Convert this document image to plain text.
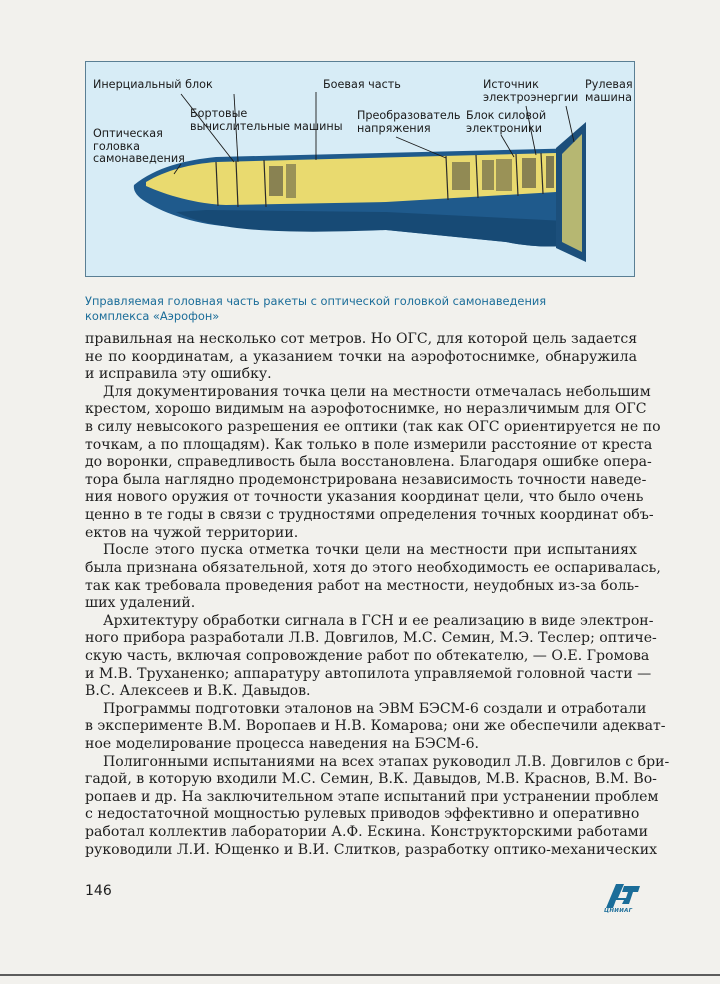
Инерциальный блок	Боевая часть	Источник
электроэнергии
Рулевая
машина
Бортовые
вычислительные машины
Преобразователь
напряжения
Блок силовой
электроники
Оптическая
головка
самонаведения
Управляемая головная часть ракеты с оптической головкой самонаведения
комплекса «Аэрофон»
правильная на несколько сот метров. Но ОГС, для которой цель задается
не по координатам, а указанием точки на аэрофотоснимке, обнаружила
и исправила эту ошибку.
Для документирования точка цели на местности отмечалась небольшим
крестом, хорошо видимым на аэрофотоснимке, но неразличимым для ОГС
в силу невысокого разрешения ее оптики (так как ОГС ориентируется не по
точкам, а по площадям). Как только в поле измерили расстояние от креста
до воронки, справедливость была восстановлена. Благодаря ошибке опера-
тора была наглядно продемонстрирована независимость точности наведе-
ния нового оружия от точности указания координат цели, что было очень
ценно в те годы в связи с трудностями определения точных координат объ-
ектов на чужой территории.
После этого пуска отметка точки цели на местности при испытаниях
была признана обязательной, хотя до этого необходимость ее оспаривалась,
так как требовала проведения работ на местности, неудобных из-за боль-
ших удалений.
Архитектуру обработки сигнала в ГСН и ее реализацию в виде электрон-
ного прибора разработали Л.В. Довгилов, М.С. Семин, М.Э. Теслер; оптиче-
скую часть, включая сопровождение работ по обтекателю, — О.Е. Громова
и М.В. Труханенко; аппаратуру автопилота управляемой головной части —
В.С. Алексеев и В.К. Давыдов.
Программы подготовки эталонов на ЭВМ БЭСМ-6 создали и отработали
в эксперименте В.М. Воропаев и Н.В. Комарова; они же обеспечили адекват-
ное моделирование процесса наведения на БЭСМ-6.
Полигонными испытаниями на всех этапах руководил Л.В. Довгилов с бри-
гадой, в которую входили М.С. Семин, В.К. Давыдов, М.В. Краснов, В.М. Во-
ропаев и др. На заключительном этапе испытаний при устранении проблем
с недостаточной мощностью рулевых приводов эффективно и оперативно
работал коллектив лаборатории А.Ф. Ескина. Конструкторскими работами
руководили Л.И. Ющенко и В.И. Слитков, разработку оптико-механических
146
ЦНИИАГ
